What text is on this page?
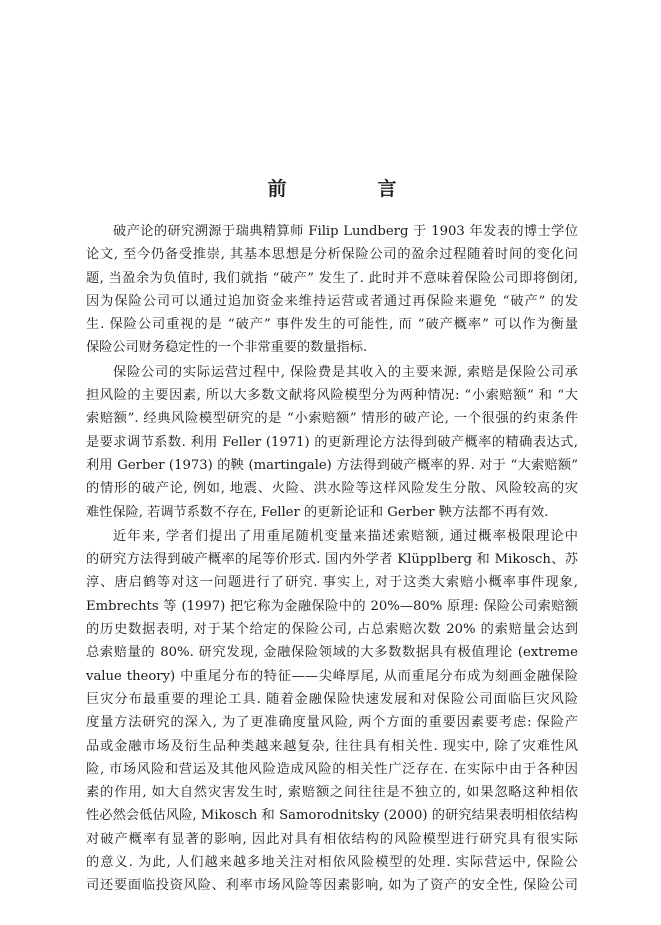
前　言
破产论的研究溯源于瑞典精算师 Filip Lundberg 于 1903 年发表的博士学位
论文, 至今仍备受推崇, 其基本思想是分析保险公司的盈余过程随着时间的变化问
题, 当盈余为负值时, 我们就指 “破产” 发生了. 此时并不意味着保险公司即将倒闭,
因为保险公司可以通过追加资金来维持运营或者通过再保险来避免 “破产” 的发
生. 保险公司重视的是 “破产” 事件发生的可能性, 而 “破产概率” 可以作为衡量
保险公司财务稳定性的一个非常重要的数量指标.
保险公司的实际运营过程中, 保险费是其收入的主要来源, 索赔是保险公司承
担风险的主要因素, 所以大多数文献将风险模型分为两种情况: “小索赔额” 和 “大
索赔额”. 经典风险模型研究的是 “小索赔额” 情形的破产论, 一个很强的约束条件
是要求调节系数. 利用 Feller (1971) 的更新理论方法得到破产概率的精确表达式,
利用 Gerber (1973) 的鞅 (martingale) 方法得到破产概率的界. 对于 “大索赔额”
的情形的破产论, 例如, 地震、火险、洪水险等这样风险发生分散、风险较高的灾
难性保险, 若调节系数不存在, Feller 的更新论证和 Gerber 鞅方法都不再有效.
近年来, 学者们提出了用重尾随机变量来描述索赔额, 通过概率极限理论中
的研究方法得到破产概率的尾等价形式. 国内外学者 Klüpplberg 和 Mikosch、苏
淳、唐启鹤等对这一问题进行了研究. 事实上, 对于这类大索赔小概率事件现象,
Embrechts 等 (1997) 把它称为金融保险中的 20%—80% 原理: 保险公司索赔额
的历史数据表明, 对于某个给定的保险公司, 占总索赔次数 20% 的索赔量会达到
总索赔量的 80%. 研究发现, 金融保险领域的大多数数据具有极值理论 (extreme
value theory) 中重尾分布的特征——尖峰厚尾, 从而重尾分布成为刻画金融保险
巨灾分布最重要的理论工具. 随着金融保险快速发展和对保险公司面临巨灾风险
度量方法研究的深入, 为了更准确度量风险, 两个方面的重要因素要考虑: 保险产
品或金融市场及衍生品种类越来越复杂, 往往具有相关性. 现实中, 除了灾难性风
险, 市场风险和营运及其他风险造成风险的相关性广泛存在. 在实际中由于各种因
素的作用, 如大自然灾害发生时, 索赔额之间往往是不独立的, 如果忽略这种相依
性必然会低估风险, Mikosch 和 Samorodnitsky (2000) 的研究结果表明相依结构
对破产概率有显著的影响, 因此对具有相依结构的风险模型进行研究具有很实际
的意义. 为此, 人们越来越多地关注对相依风险模型的处理. 实际营运中, 保险公
司还要面临投资风险、利率市场风险等因素影响, 如为了资产的安全性, 保险公司
